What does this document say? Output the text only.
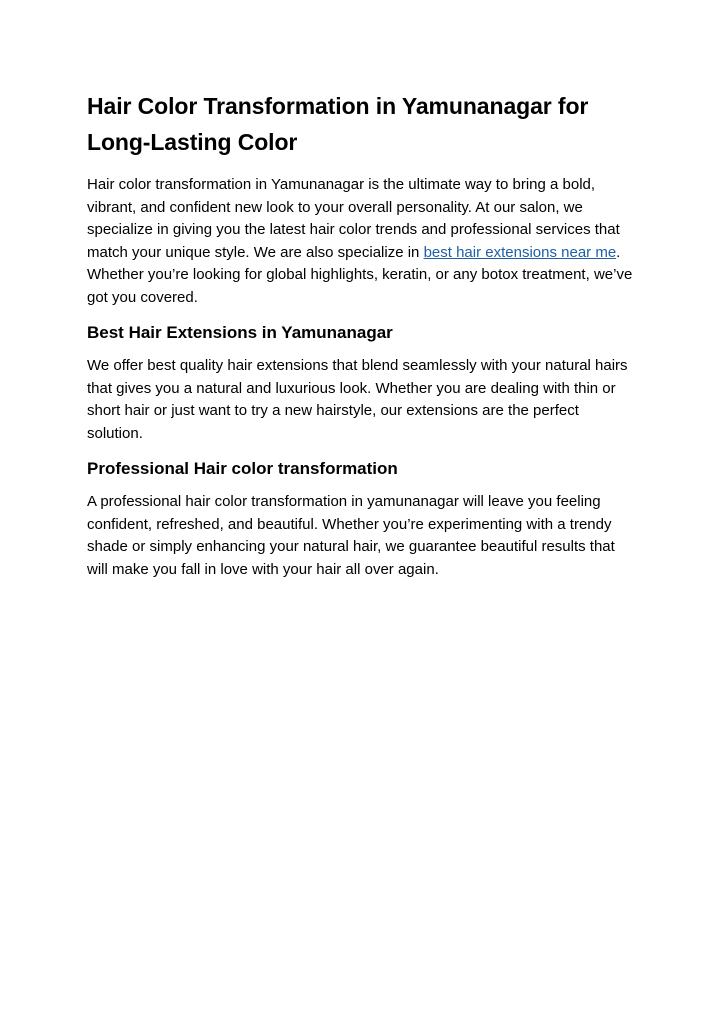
Hair Color Transformation in Yamunanagar for Long-Lasting Color

Hair color transformation in Yamunanagar is the ultimate way to bring a bold, vibrant, and confident new look to your overall personality. At our salon, we specialize in giving you the latest hair color trends and professional services that match your unique style. We are also specialize in best hair extensions near me. Whether you’re looking for global highlights, keratin, or any botox treatment, we’ve got you covered.

Best Hair Extensions in Yamunanagar

We offer best quality hair extensions that blend seamlessly with your natural hairs that gives you a natural and luxurious look. Whether you are dealing with thin or short hair or just want to try a new hairstyle, our extensions are the perfect solution.

Professional Hair color transformation

A professional hair color transformation in yamunanagar will leave you feeling confident, refreshed, and beautiful. Whether you’re experimenting with a trendy shade or simply enhancing your natural hair, we guarantee beautiful results that will make you fall in love with your hair all over again.
